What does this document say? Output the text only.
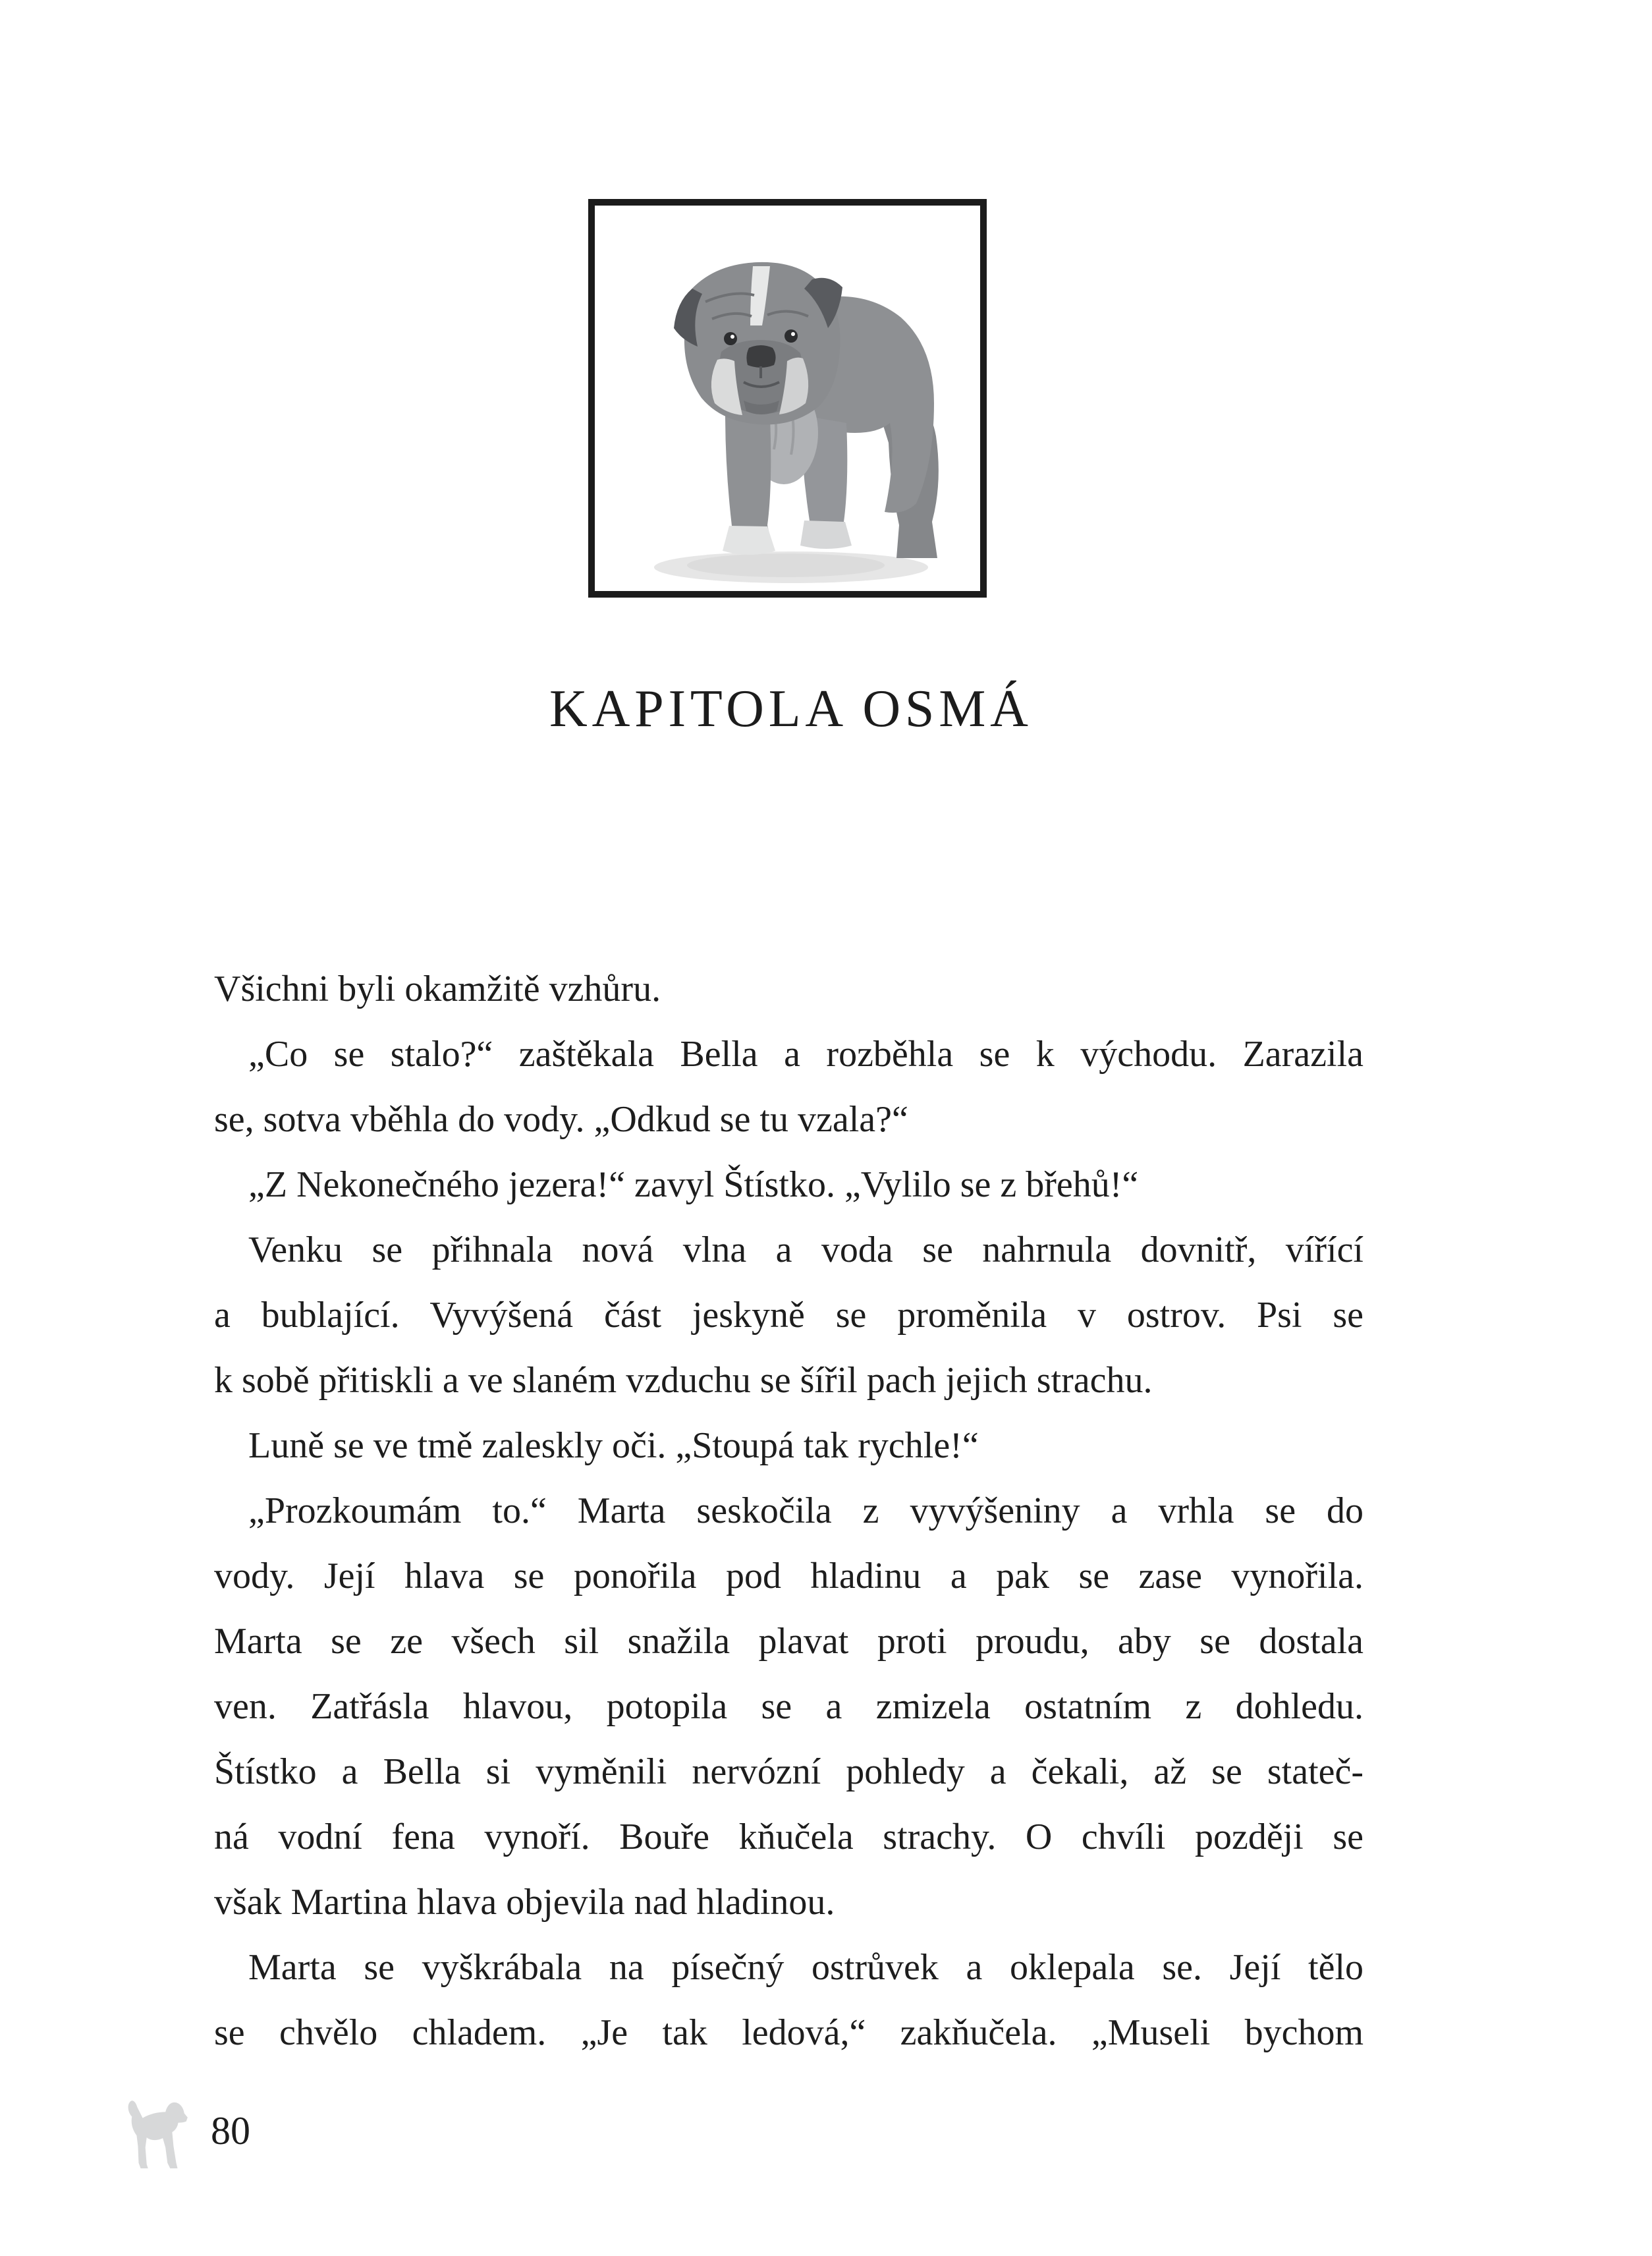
KAPITOLA OSMÁ
Všichni byli okamžitě vzhůru.
„Co se stalo?“ zaštěkala Bella a rozběhla se k východu. Zarazila
se, sotva vběhla do vody. „Odkud se tu vzala?“
„Z Nekonečného jezera!“ zavyl Štístko. „Vylilo se z břehů!“
Venku se přihnala nová vlna a voda se nahrnula dovnitř, vířící
a bublající. Vyvýšená část jeskyně se proměnila v ostrov. Psi se
k sobě přitiskli a ve slaném vzduchu se šířil pach jejich strachu.
Luně se ve tmě zaleskly oči. „Stoupá tak rychle!“
„Prozkoumám to.“ Marta seskočila z vyvýšeniny a vrhla se do
vody. Její hlava se ponořila pod hladinu a pak se zase vynořila.
Marta se ze všech sil snažila plavat proti proudu, aby se dostala
ven. Zatřásla hlavou, potopila se a zmizela ostatním z dohledu.
Štístko a Bella si vyměnili nervózní pohledy a čekali, až se stateč-
ná vodní fena vynoří. Bouře kňučela strachy. O chvíli později se
však Martina hlava objevila nad hladinou.
Marta se vyškrábala na písečný ostrůvek a oklepala se. Její tělo
se chvělo chladem. „Je tak ledová,“ zakňučela. „Museli bychom
80
